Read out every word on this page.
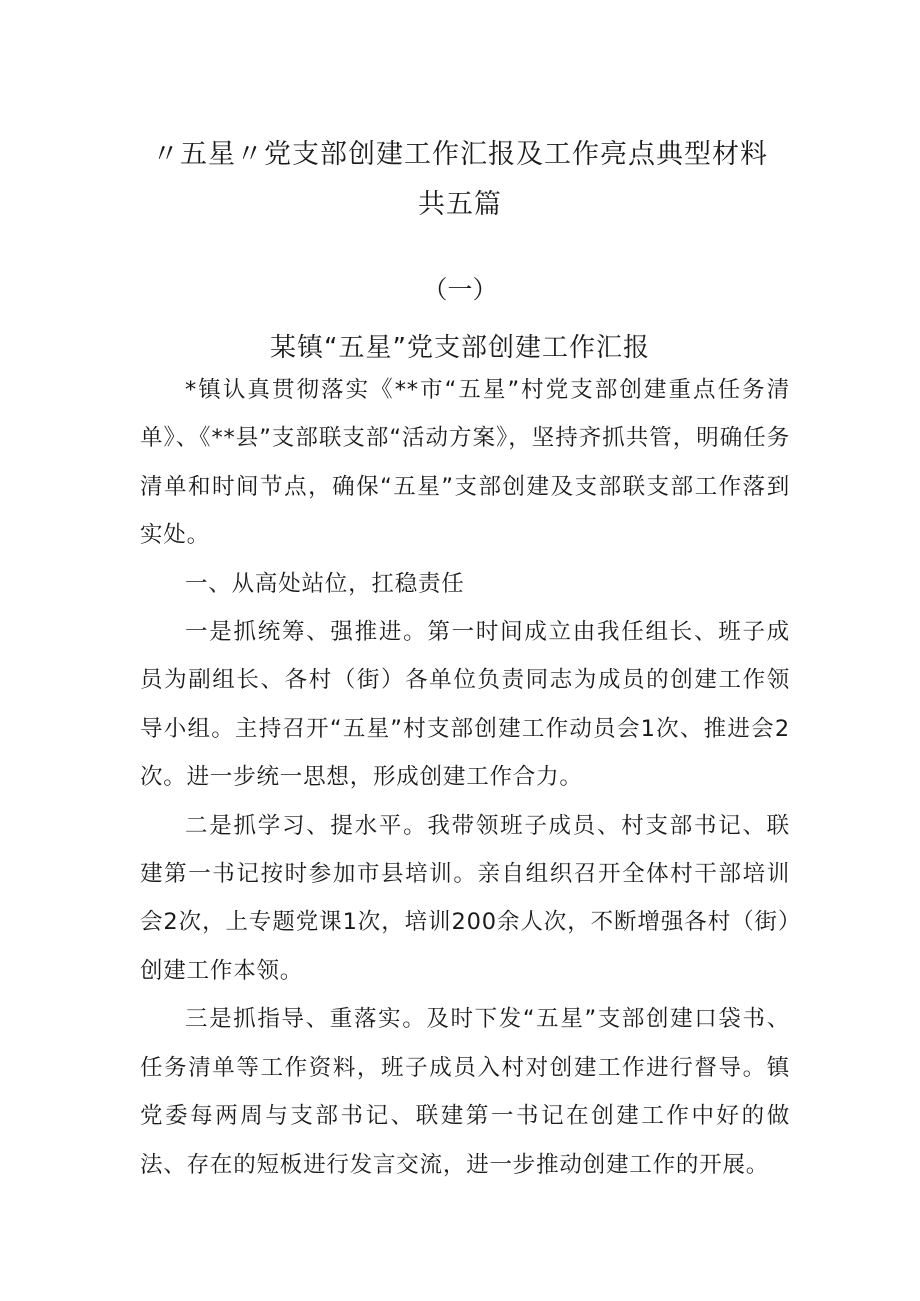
〃五星〃党支部创建工作汇报及工作亮点典型材料
共五篇
（一）
某镇“五星”党支部创建工作汇报

*镇认真贯彻落实《**市“五星”村党支部创建重点任务清单》、《**县”支部联支部“活动方案》，坚持齐抓共管，明确任务清单和时间节点，确保“五星”支部创建及支部联支部工作落到实处。

一、从高处站位，扛稳责任

一是抓统筹、强推进。第一时间成立由我任组长、班子成员为副组长、各村（街）各单位负责同志为成员的创建工作领导小组。主持召开“五星”村支部创建工作动员会1次、推进会2次。进一步统一思想，形成创建工作合力。

二是抓学习、提水平。我带领班子成员、村支部书记、联建第一书记按时参加市县培训。亲自组织召开全体村干部培训会2次，上专题党课1次，培训200余人次，不断增强各村（街）创建工作本领。

三是抓指导、重落实。及时下发“五星”支部创建口袋书、任务清单等工作资料，班子成员入村对创建工作进行督导。镇党委每两周与支部书记、联建第一书记在创建工作中好的做法、存在的短板进行发言交流，进一步推动创建工作的开展。
